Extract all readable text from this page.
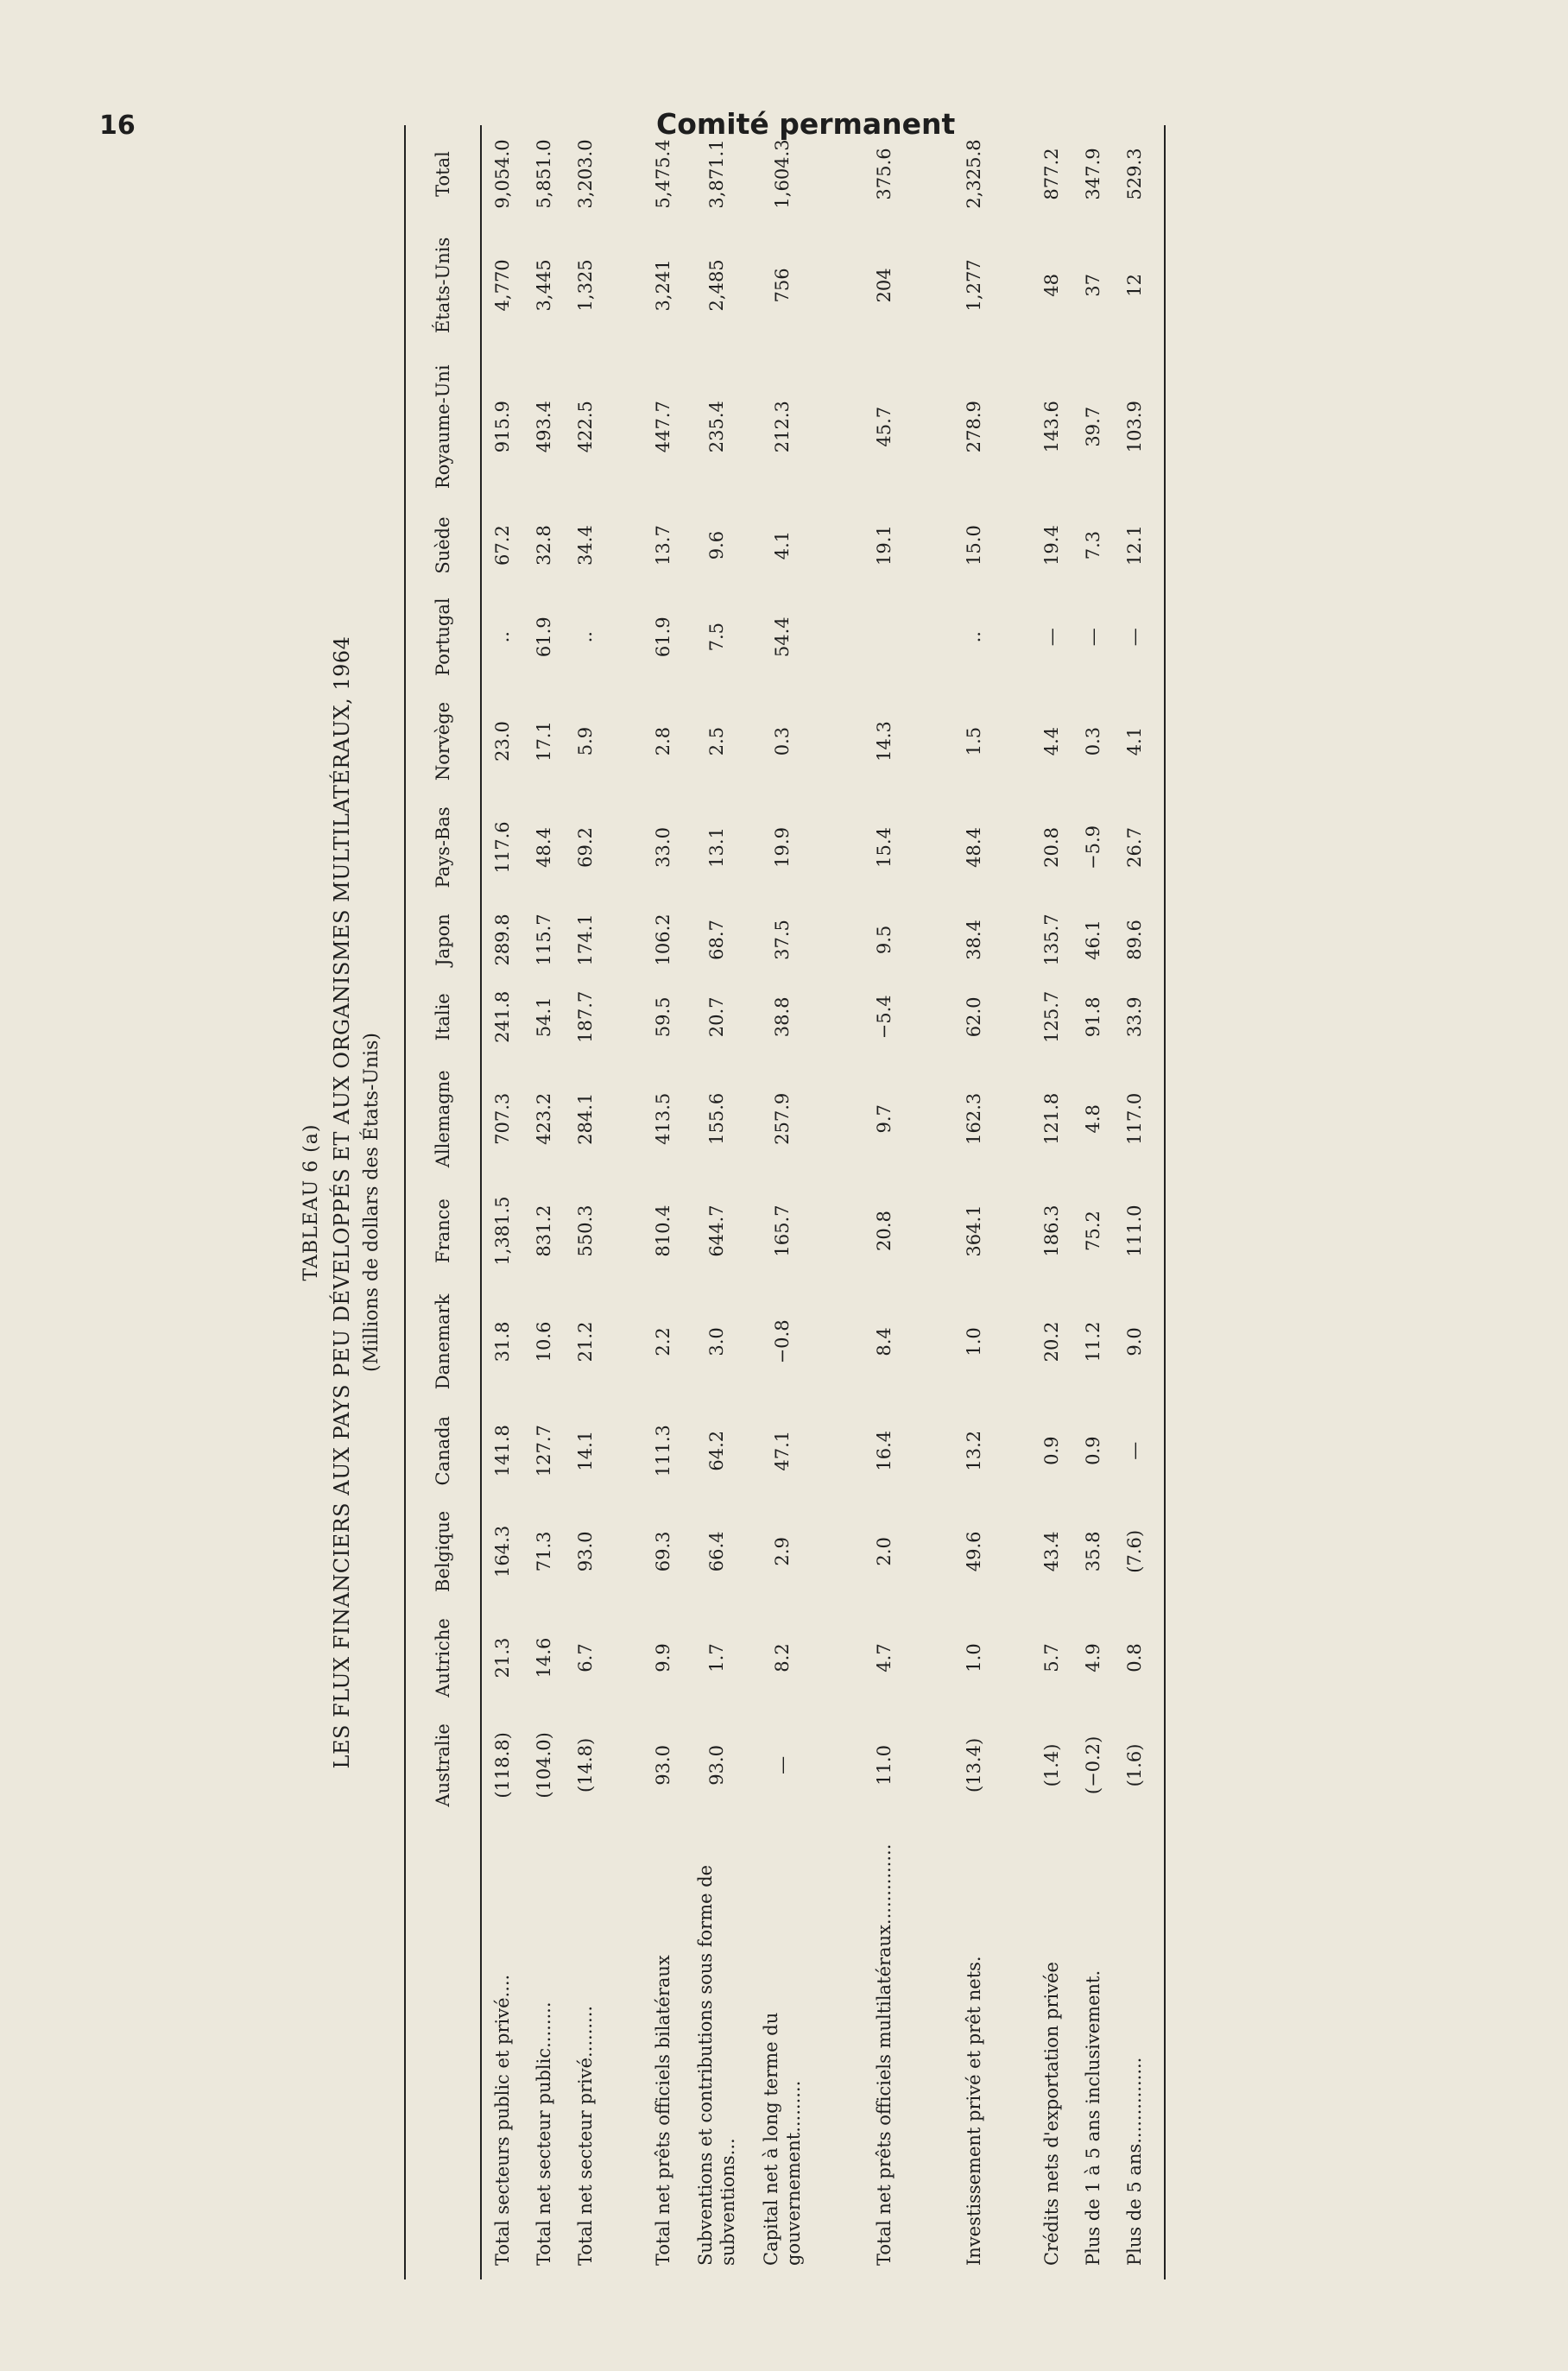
16	Comité permanent
TABLEAU 6 (a) LES FLUX FINANCIERS AUX PAYS PEU DÉVELOPPÉS ET AUX ORGANISMES MULTILATÉRAUX, 1964 (Millions de dollars des États-Unis)
	Australie	Autriche	Belgique	Canada	Danemark	France	Allemagne	Italie	Japon	Pays-Bas	Norvège	Portugal	Suède	Royaume-Uni	États-Unis	Total
Total secteurs public et privé....	(118.8)	21.3	164.3	141.8	31.8	1,381.5	707.3	241.8	289.8	117.6	23.0	..	67.2	915.9	4,770	9,054.0
Total net secteur public........	(104.0)	14.6	71.3	127.7	10.6	831.2	423.2	54.1	115.7	48.4	17.1	61.9	32.8	493.4	3,445	5,851.0
Total net secteur privé.........	(14.8)	6.7	93.0	14.1	21.2	550.3	284.1	187.7	174.1	69.2	5.9	..	34.4	422.5	1,325	3,203.0
Total net prêts officiels bilatéraux	93.0	9.9	69.3	111.3	2.2	810.4	413.5	59.5	106.2	33.0	2.8	61.9	13.7	447.7	3,241	5,475.4
Subventions et contributions sous forme de subventions...	93.0	1.7	66.4	64.2	3.0	644.7	155.6	20.7	68.7	13.1	2.5	7.5	9.6	235.4	2,485	3,871.1
Capital net à long terme du gouvernement.........	—	8.2	2.9	47.1	−0.8	165.7	257.9	38.8	37.5	19.9	0.3	54.4	4.1	212.3	756	1,604.3
Total net prêts officiels multilatéraux..............	11.0	4.7	2.0	16.4	8.4	20.8	9.7	−5.4	9.5	15.4	14.3		19.1	45.7	204	375.6
Investissement privé et prêt nets.	(13.4)	1.0	49.6	13.2	1.0	364.1	162.3	62.0	38.4	48.4	1.5	..	15.0	278.9	1,277	2,325.8
Crédits nets d'exportation privée	(1.4)	5.7	43.4	0.9	20.2	186.3	121.8	125.7	135.7	20.8	4.4	—	19.4	143.6	48	877.2
Plus de 1 à 5 ans inclusivement.	(−0.2)	4.9	35.8	0.9	11.2	75.2	4.8	91.8	46.1	−5.9	0.3	—	7.3	39.7	37	347.9
Plus de 5 ans...............	(1.6)	0.8	(7.6)	—	9.0	111.0	117.0	33.9	89.6	26.7	4.1	—	12.1	103.9	12	529.3
